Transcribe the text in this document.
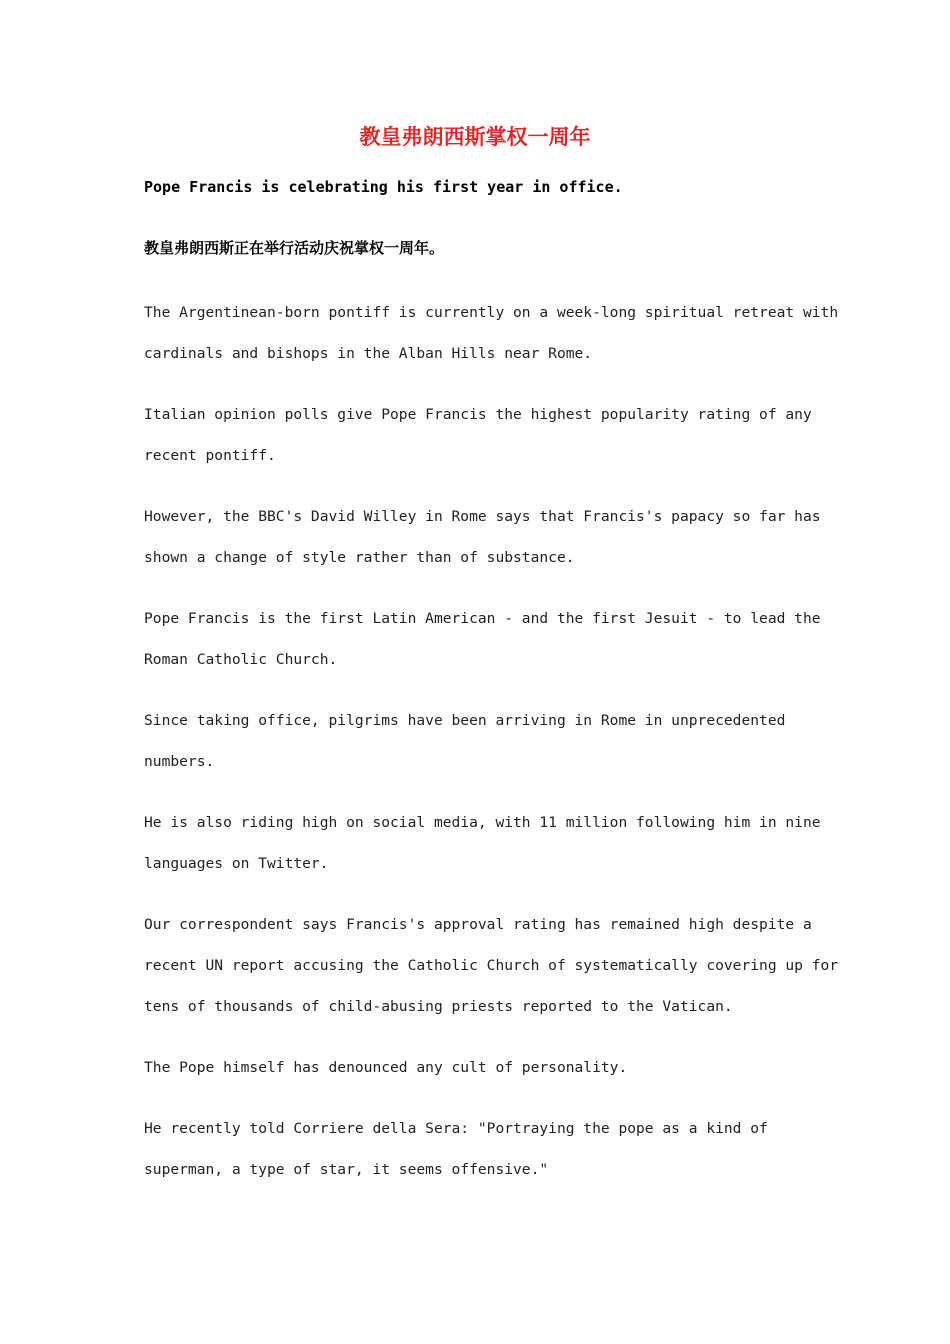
教皇弗朗西斯掌权一周年
Pope Francis is celebrating his first year in office.
教皇弗朗西斯正在举行活动庆祝掌权一周年。
The Argentinean-born pontiff is currently on a week-long spiritual retreat with
cardinals and bishops in the Alban Hills near Rome.
Italian opinion polls give Pope Francis the highest popularity rating of any
recent pontiff.
However, the BBC's David Willey in Rome says that Francis's papacy so far has
shown a change of style rather than of substance.
Pope Francis is the first Latin American - and the first Jesuit - to lead the
Roman Catholic Church.
Since taking office, pilgrims have been arriving in Rome in unprecedented
numbers.
He is also riding high on social media, with 11 million following him in nine
languages on Twitter.
Our correspondent says Francis's approval rating has remained high despite a
recent UN report accusing the Catholic Church of systematically covering up for
tens of thousands of child-abusing priests reported to the Vatican.
The Pope himself has denounced any cult of personality.
He recently told Corriere della Sera: "Portraying the pope as a kind of
superman, a type of star, it seems offensive."
